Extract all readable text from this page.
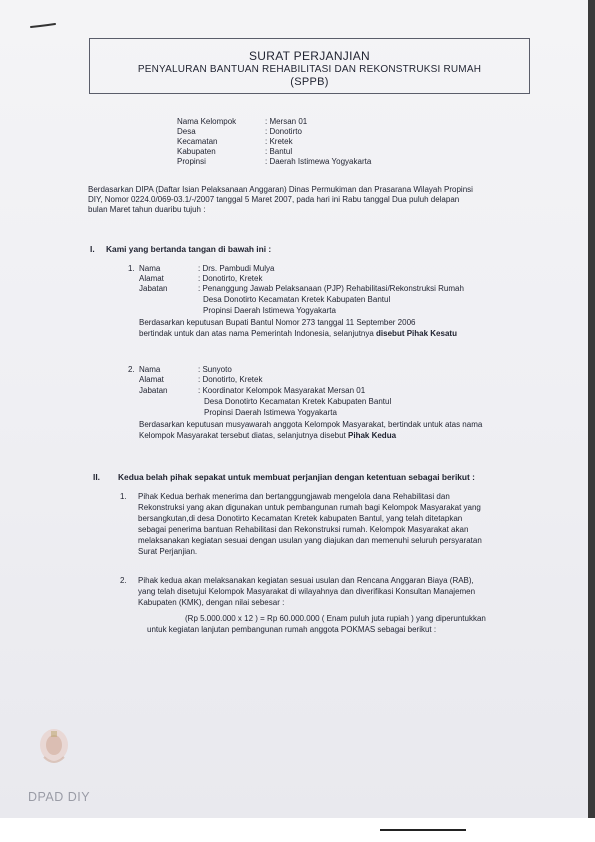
SURAT PERJANJIAN
PENYALURAN BANTUAN REHABILITASI DAN REKONSTRUKSI RUMAH
(SPPB)
Nama Kelompok	: Mersan 01
Desa	: Donotirto
Kecamatan	: Kretek
Kabupaten	: Bantul
Propinsi	: Daerah Istimewa Yogyakarta
Berdasarkan DIPA (Daftar Isian Pelaksanaan Anggaran) Dinas Permukiman dan Prasarana Wilayah Propinsi
DIY, Nomor 0224.0/069-03.1/-/2007 tanggal 5 Maret 2007, pada hari ini Rabu tanggal Dua puluh delapan
bulan Maret tahun duaribu tujuh :
I. Kami yang bertanda tangan di bawah ini :
1. Nama	: Drs. Pambudi Mulya
Alamat	: Donotirto, Kretek
Jabatan	: Penanggung Jawab Pelaksanaan (PJP) Rehabilitasi/Rekonstruksi Rumah
Desa Donotirto Kecamatan Kretek Kabupaten Bantul
Propinsi Daerah Istimewa Yogyakarta
Berdasarkan keputusan Bupati Bantul Nomor 273 tanggal 11 September 2006
bertindak untuk dan atas nama Pemerintah Indonesia, selanjutnya disebut Pihak Kesatu
2. Nama	: Sunyoto
Alamat	: Donotirto, Kretek
Jabatan	: Koordinator Kelompok Masyarakat Mersan 01
Desa Donotirto Kecamatan Kretek Kabupaten Bantul
Propinsi Daerah Istimewa Yogyakarta
Berdasarkan keputusan musyawarah anggota Kelompok Masyarakat, bertindak untuk atas nama
Kelompok Masyarakat tersebut diatas, selanjutnya disebut Pihak Kedua
II. Kedua belah pihak sepakat untuk membuat perjanjian dengan ketentuan sebagai berikut :
1. Pihak Kedua berhak menerima dan bertanggungjawab mengelola dana Rehabilitasi dan
Rekonstruksi yang akan digunakan untuk pembangunan rumah bagi Kelompok Masyarakat yang
bersangkutan,di desa Donotirto Kecamatan Kretek kabupaten Bantul, yang telah ditetapkan
sebagai penerima bantuan Rehabilitasi dan Rekonstruksi rumah. Kelompok Masyarakat akan
melaksanakan kegiatan sesuai dengan usulan yang diajukan dan memenuhi seluruh persyaratan
Surat Perjanjian.
2. Pihak kedua akan melaksanakan kegiatan sesuai usulan dan Rencana Anggaran Biaya (RAB),
yang telah disetujui Kelompok Masyarakat di wilayahnya dan diverifikasi Konsultan Manajemen
Kabupaten (KMK), dengan nilai sebesar :
(Rp 5.000.000 x 12 ) = Rp 60.000.000 ( Enam puluh juta rupiah ) yang diperuntukkan
untuk kegiatan lanjutan pembangunan rumah anggota POKMAS sebagai berikut :
DPAD DIY
